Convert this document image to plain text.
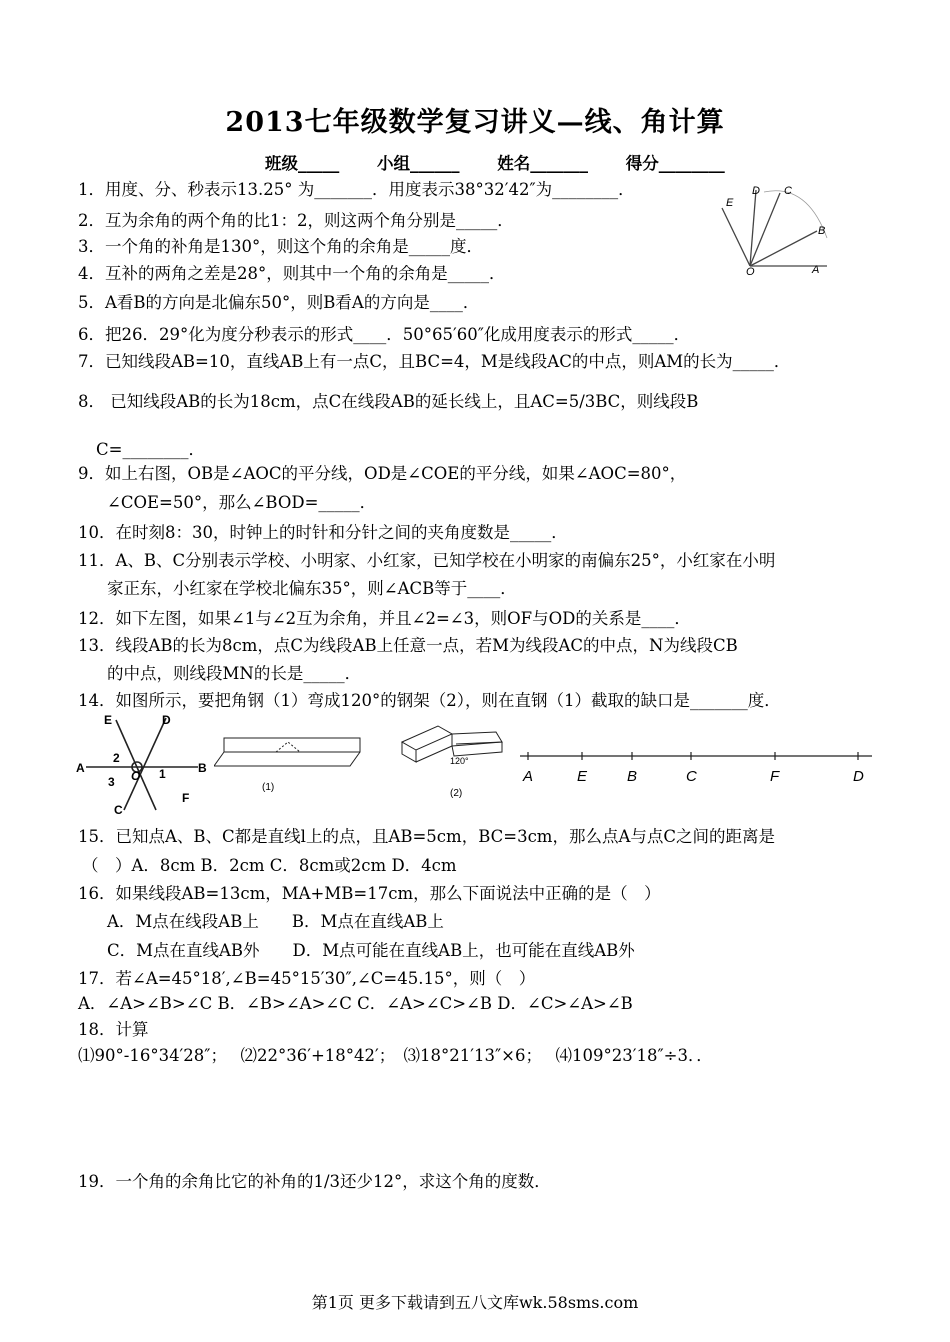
2013七年级数学复习讲义—线、角计算
班级_____ 小组______ 姓名_______ 得分________
1．用度、分、秒表示13.25° 为_______．用度表示38°32′42″为________．
2．互为余角的两个角的比1：2，则这两个角分别是_____．
3．一个角的补角是130°，则这个角的余角是_____度．
4．互补的两角之差是28°，则其中一个角的余角是_____．
5．A看B的方向是北偏东50°，则B看A的方向是____．
6．把26．29°化为度分秒表示的形式____．50°65′60″化成用度表示的形式_____．
7．已知线段AB=10，直线AB上有一点C，且BC=4，M是线段AC的中点，则AM的长为_____．
8． 已知线段AB的长为18cm，点C在线段AB的延长线上，且AC=5/3BC，则线段B
C=________．
9．如上右图，OB是∠AOC的平分线，OD是∠COE的平分线，如果∠AOC=80°，
∠COE=50°，那么∠BOD=_____．
10．在时刻8：30，时钟上的时针和分针之间的夹角度数是_____．
11．A、B、C分别表示学校、小明家、小红家，已知学校在小明家的南偏东25°，小红家在小明
家正东，小红家在学校北偏东35°，则∠ACB等于____．
12．如下左图，如果∠1与∠2互为余角，并且∠2=∠3，则OF与OD的关系是____．
13．线段AB的长为8cm，点C为线段AB上任意一点，若M为线段AC的中点，N为线段CB
的中点，则线段MN的长是_____．
14．如图所示，要把角钢（1）弯成120°的钢架（2），则在直钢（1）截取的缺口是_______度．
E
D C
B
O	A
E	D
2
A
3 O 1	B
C
F
(1)
120°
(2)
A	E	B	C	F	D
15．已知点A、B、C都是直线l上的点，且AB=5cm，BC=3cm，那么点A与点C之间的距离是
（　）A．8cm B．2cm C．8cm或2cm D．4cm
16．如果线段AB=13cm，MA+MB=17cm，那么下面说法中正确的是（　）
A．M点在线段AB上　　B．M点在直线AB上
C．M点在直线AB外　　D．M点可能在直线AB上，也可能在直线AB外
17．若∠A=45°18′,∠B=45°15′30″,∠C=45.15°，则（　）
A．∠A>∠B>∠C B．∠B>∠A>∠C C．∠A>∠C>∠B D．∠C>∠A>∠B
18．计算
⑴90°-16°34′28″；　 ⑵22°36′+18°42′；　⑶18°21′13″×6；　 ⑷109°23′18″÷3．．
19．一个角的余角比它的补角的1/3还少12°，求这个角的度数．
第1页 更多下载请到五八文库wk.58sms.com
